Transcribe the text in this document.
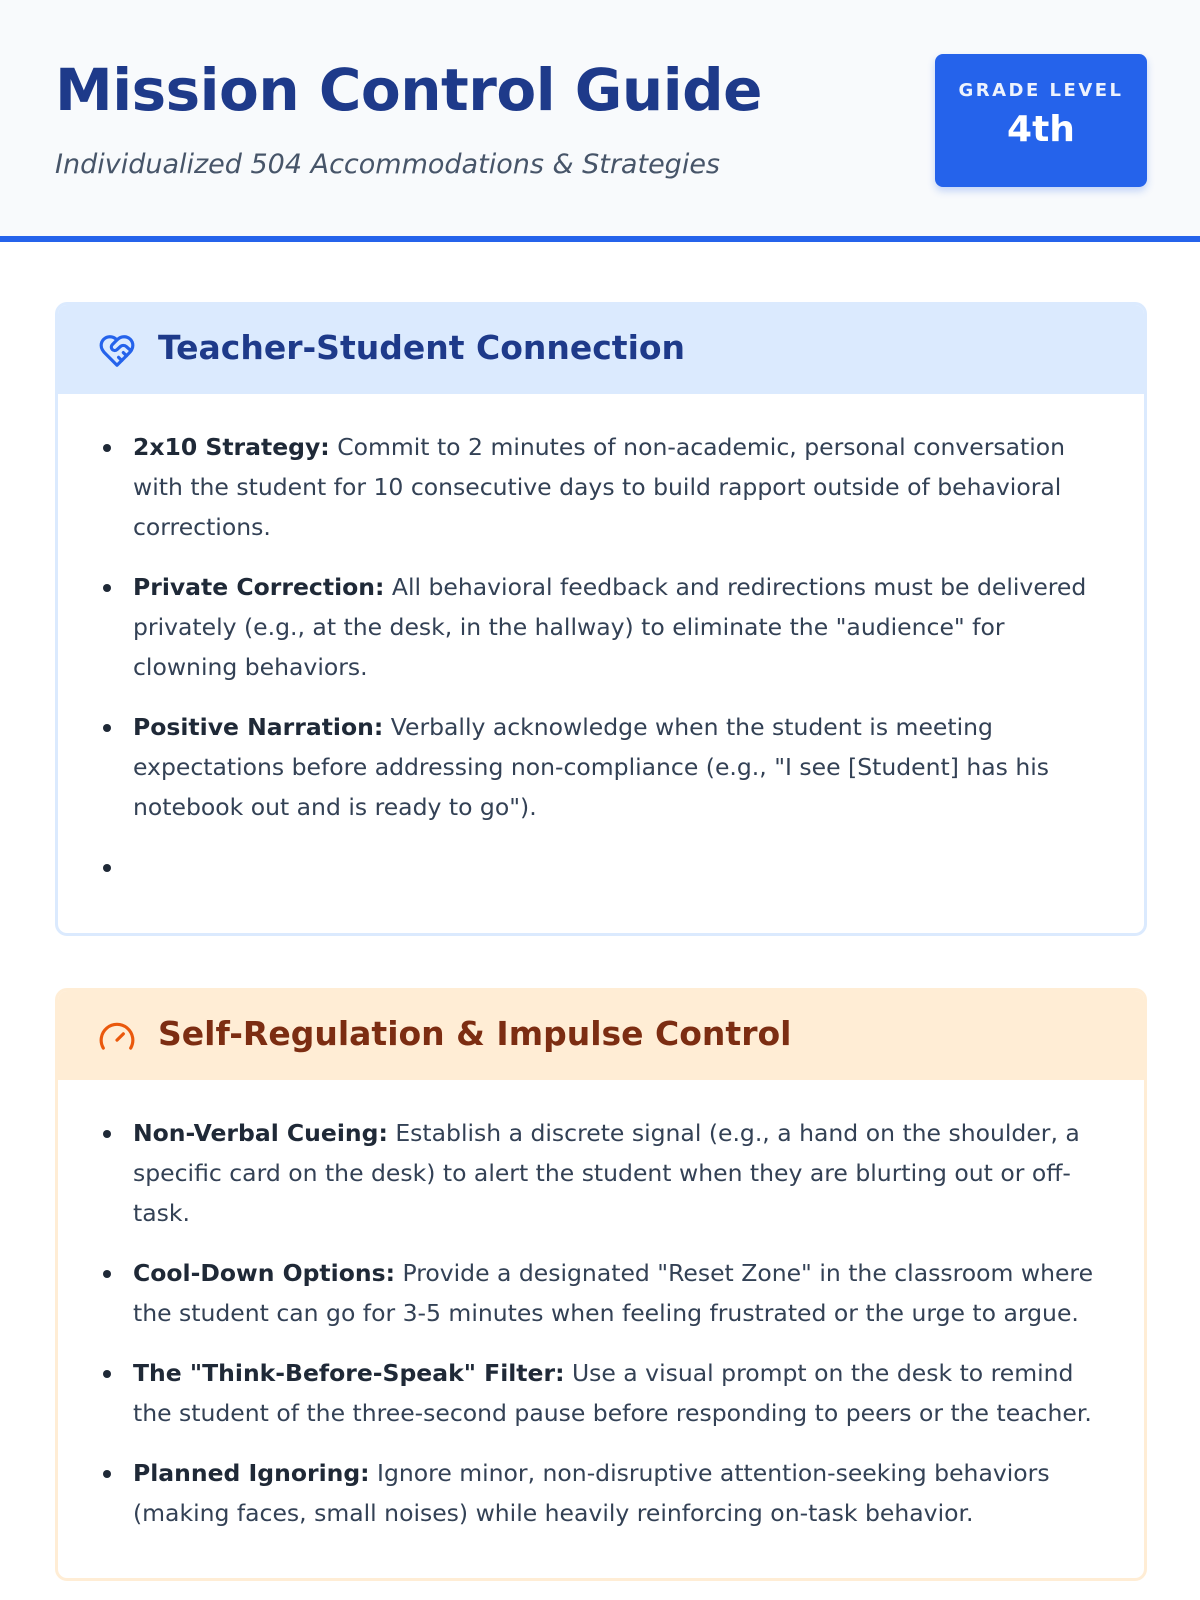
Mission Control Guide

Individualized 504 Accommodations & Strategies

GRADE LEVEL
4th
Teacher-Student Connection
2x10 Strategy: Commit to 2 minutes of non-academic, personal conversation with the student for 10 consecutive days to build rapport outside of behavioral corrections.
Private Correction: All behavioral feedback and redirections must be delivered privately (e.g., at the desk, in the hallway) to eliminate the "audience" for clowning behaviors.
Positive Narration: Verbally acknowledge when the student is meeting expectations before addressing non-compliance (e.g., "I see [Student] has his notebook out and is ready to go").
Self-Regulation & Impulse Control
Non-Verbal Cueing: Establish a discrete signal (e.g., a hand on the shoulder, a specific card on the desk) to alert the student when they are blurting out or off-task.
Cool-Down Options: Provide a designated "Reset Zone" in the classroom where the student can go for 3-5 minutes when feeling frustrated or the urge to argue.
The "Think-Before-Speak" Filter: Use a visual prompt on the desk to remind the student of the three-second pause before responding to peers or the teacher.
Planned Ignoring: Ignore minor, non-disruptive attention-seeking behaviors (making faces, small noises) while heavily reinforcing on-task behavior.
